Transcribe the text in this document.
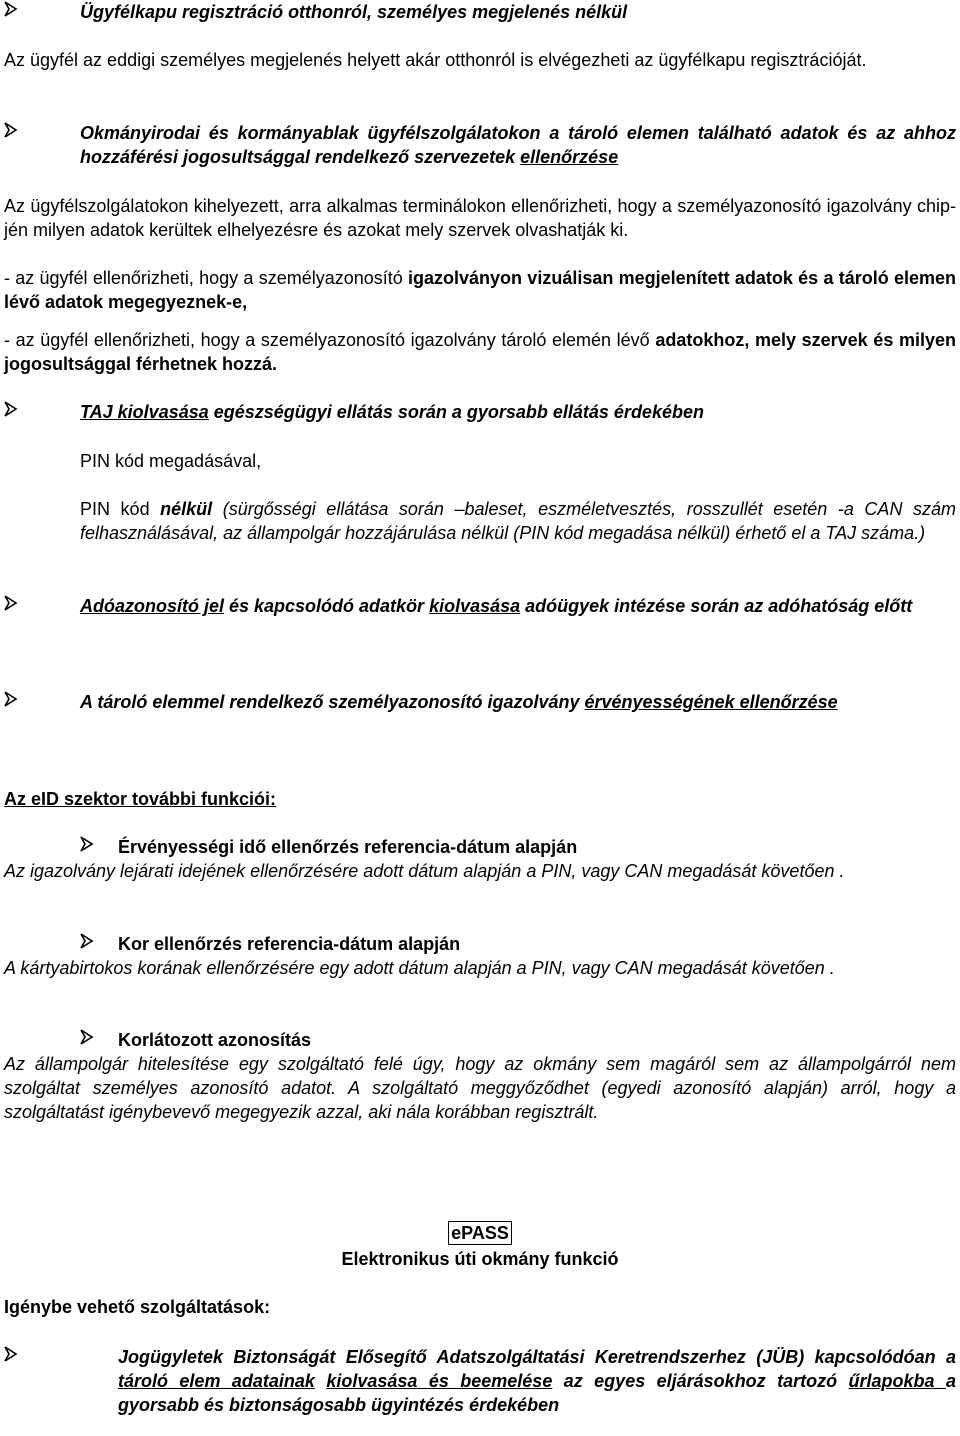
Ügyfélkapu regisztráció otthonról, személyes megjelenés nélkül
Az ügyfél az eddigi személyes megjelenés helyett akár otthonról is elvégezheti az ügyfélkapu regisztrációját.
Okmányirodai és kormányablak ügyfélszolgálatokon a tároló elemen található adatok és az ahhoz hozzáférési jogosultsággal rendelkező szervezetek ellenőrzése
Az ügyfélszolgálatokon kihelyezett, arra alkalmas terminálokon ellenőrizheti, hogy a személyazonosító igazolvány chip-jén milyen adatok kerültek elhelyezésre és azokat mely szervek olvashatják ki.
- az ügyfél ellenőrizheti, hogy a személyazonosító igazolványon vizuálisan megjelenített adatok és a tároló elemen lévő adatok megegyeznek-e,
- az ügyfél ellenőrizheti, hogy a személyazonosító igazolvány tároló elemén lévő adatokhoz, mely szervek és milyen jogosultsággal férhetnek hozzá.
TAJ kiolvasása egészségügyi ellátás során a gyorsabb ellátás érdekében
PIN kód megadásával,
PIN kód nélkül (sürgősségi ellátása során –baleset, eszméletvesztés, rosszullét esetén -a CAN szám felhasználásával, az állampolgár hozzájárulása nélkül (PIN kód megadása nélkül) érhető el a TAJ száma.)
Adóazonosító jel és kapcsolódó adatkör kiolvasása adóügyek intézése során az adóhatóság előtt
A tároló elemmel rendelkező személyazonosító igazolvány érvényességének ellenőrzése
Az eID szektor további funkciói:
Érvényességi idő ellenőrzés referencia-dátum alapján
Az igazolvány lejárati idejének ellenőrzésére adott dátum alapján a PIN, vagy CAN megadását követően .
Kor ellenőrzés referencia-dátum alapján
A kártyabirtokos korának ellenőrzésére egy adott dátum alapján a PIN, vagy CAN megadását követően .
Korlátozott azonosítás
Az állampolgár hitelesítése egy szolgáltató felé úgy, hogy az okmány sem magáról sem az állampolgárról nem szolgáltat személyes azonosító adatot. A szolgáltató meggyőződhet (egyedi azonosító alapján) arról, hogy a szolgáltatást igénybevevő megegyezik azzal, aki nála korábban regisztrált.
ePASS
Elektronikus úti okmány funkció
Igénybe vehető szolgáltatások:
Jogügyletek Biztonságát Elősegítő Adatszolgáltatási Keretrendszerhez (JÜB) kapcsolódóan a tároló elem adatainak kiolvasása és beemelése az egyes eljárásokhoz tartozó űrlapokba a gyorsabb és biztonságosabb ügyintézés érdekében
